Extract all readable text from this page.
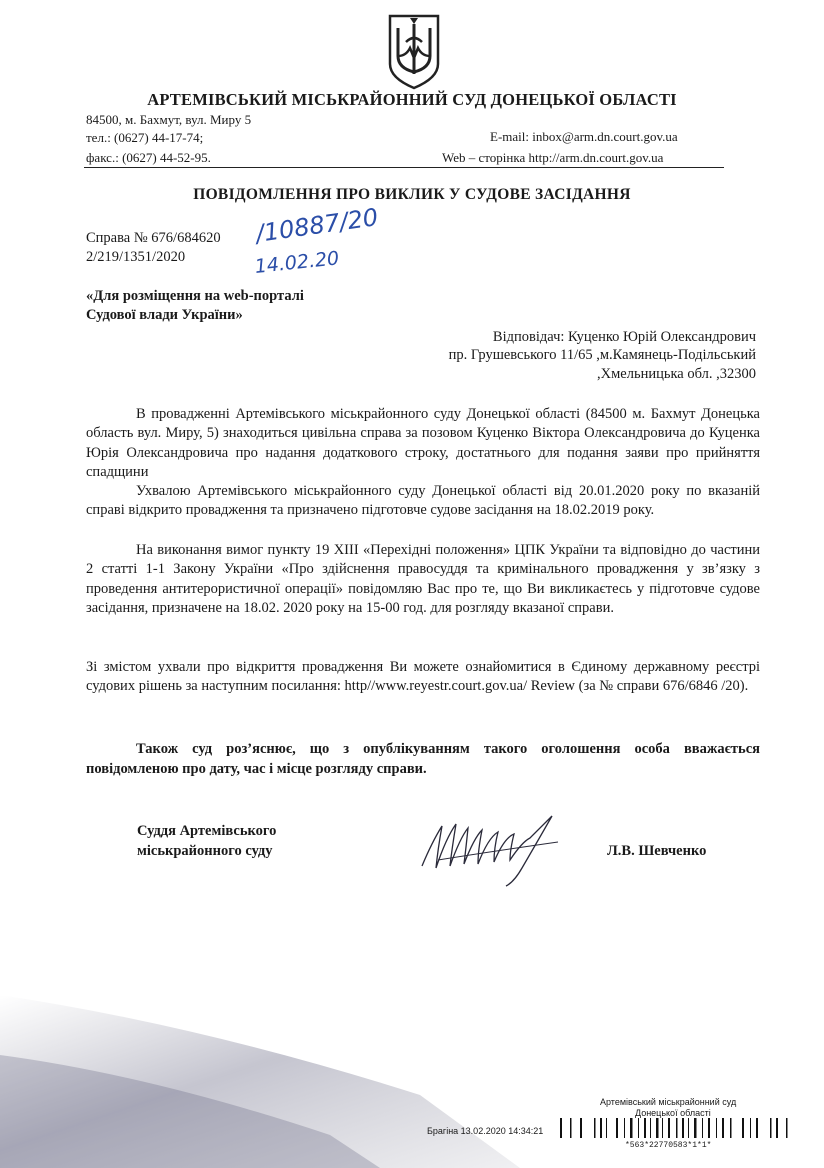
АРТЕМІВСЬКИЙ МІСЬКРАЙОННИЙ СУД ДОНЕЦЬКОЇ ОБЛАСТІ
84500, м. Бахмут, вул. Миру 5
тел.: (0627) 44-17-74;
факс.: (0627) 44-52-95.
E-mail: inbox@arm.dn.court.gov.ua
Web – сторінка http://arm.dn.court.gov.ua
ПОВІДОМЛЕННЯ ПРО ВИКЛИК У СУДОВЕ ЗАСІДАННЯ
Справа № 676/684620
2/219/1351/2020
/10887/20
14.02.20
«Для розміщення на web-порталі
Судової влади України»
Відповідач: Куценко Юрій Олександрович
пр. Грушевського 11/65 ,м.Камянець-Подільський
,Хмельницька обл. ,32300

В провадженні Артемівського міськрайонного суду Донецької області (84500 м. Бахмут Донецька область вул. Миру, 5) знаходиться цивільна справа за позовом Куценко Віктора Олександровича до Куценка Юрія Олександровича про надання додаткового строку, достатнього для подання заяви про прийняття спадщини

Ухвалою Артемівського міськрайонного суду Донецької області від 20.01.2020 року по вказаній справі відкрито провадження та призначено підготовче судове засідання на 18.02.2019 року.

На виконання вимог пункту 19 ХІІІ «Перехідні положення» ЦПК України та відповідно до частини 2 статті 1-1 Закону України «Про здійснення правосуддя та кримінального провадження у зв’язку з проведення антитерористичної операції» повідомляю Вас про те, що Ви викликаєтесь у підготовче судове засідання, призначене на 18.02. 2020 року на 15-00 год. для розгляду вказаної справи.

Зі змістом ухвали про відкриття провадження Ви можете ознайомитися в Єдиному державному реєстрі судових рішень за наступним посилання: http//www.reyestr.court.gov.ua/ Review (за № справи 676/6846 /20).

Також суд роз’яснює, що з опублікуванням такого оголошення особа вважається повідомленою про дату, час і місце розгляду справи.

Суддя Артемівського
міськрайонного суду	Л.В. Шевченко
Артемівський міськрайонний суд
Донецької області
Брагіна 13.02.2020 14:34:21
*563*22770583*1*1*
